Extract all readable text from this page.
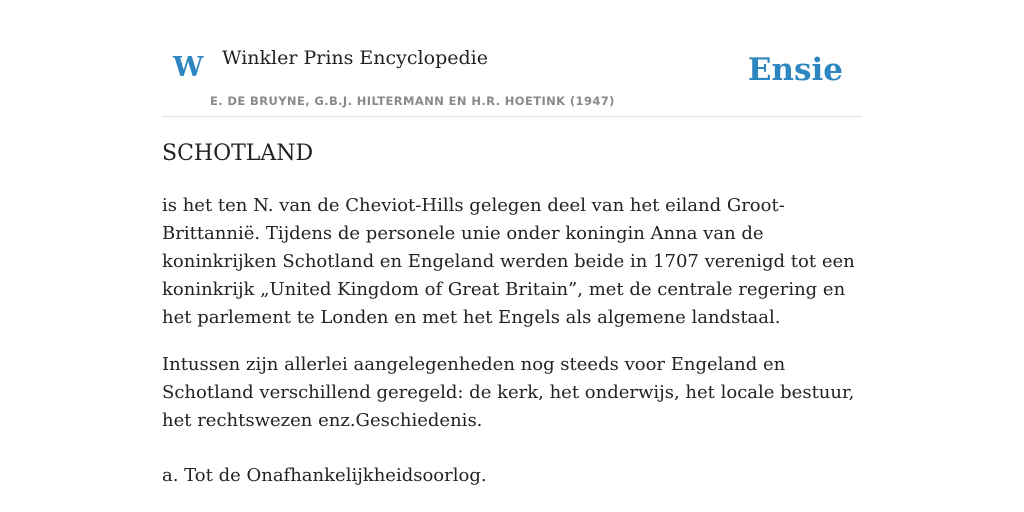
W Winkler Prins Encyclopedie
E. DE BRUYNE, G.B.J. HILTERMANN EN H.R. HOETINK (1947)
Ensie
SCHOTLAND

is het ten N. van de Cheviot-Hills gelegen deel van het eiland Groot-Brittannië. Tijdens de personele unie onder koningin Anna van de koninkrijken Schotland en Engeland werden beide in 1707 verenigd tot een koninkrijk „United Kingdom of Great Britain”, met de centrale regering en het parlement te Londen en met het Engels als algemene landstaal.

Intussen zijn allerlei aangelegenheden nog steeds voor Engeland en Schotland verschillend geregeld: de kerk, het onderwijs, het locale bestuur, het rechtswezen enz.Geschiedenis.

a. Tot de Onafhankelijkheidsoorlog.
